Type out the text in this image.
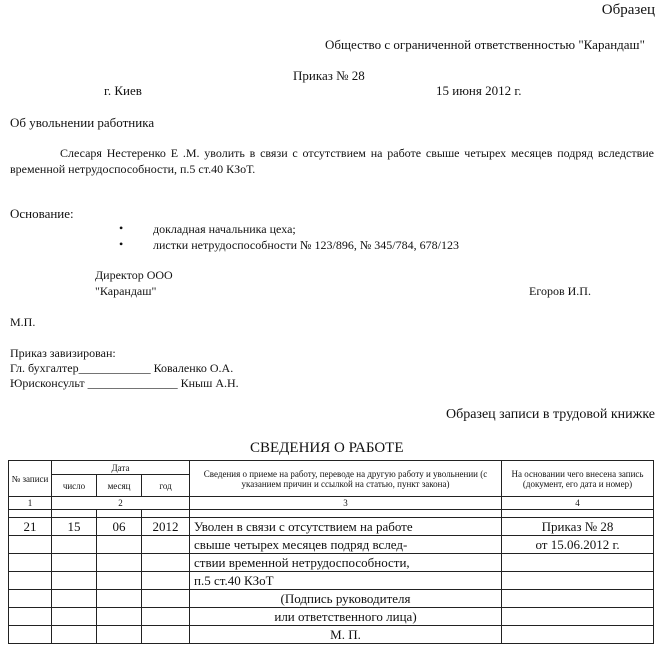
Образец
Общество с ограниченной ответственностью "Карандаш"
Приказ № 28
г. Киев	15 июня 2012 г.
Об увольнении работника
Слесаря Нестеренко Е .М. уволить в связи с отсутствием на работе свыше четырех месяцев подряд вследствие временной нетрудоспособности, п.5 ст.40 КЗоТ.
Основание:
• докладная начальника цеха;
• листки нетрудоспособности № 123/896, № 345/784, 678/123
Директор ООО
"Карандаш"	Егоров И.П.
М.П.
Приказ завизирован:
Гл. бухгалтер____________ Коваленко О.А.
Юрисконсульт _______________ Кныш А.Н.
Образец записи в трудовой книжке
СВЕДЕНИЯ О РАБОТЕ
№ записи	Дата			Сведения о приеме на работу, переводе на другую работу и увольнении (с указанием причин и ссылкой на статью, пункт закона)	На основании чего внесена запись (документ, его дата и номер)
	число	месяц	год		
1	2			3	4

21	15	06	2012	Уволен в связи с отсутствием на работе	Приказ № 28
				свыше четырех месяцев подряд вслед-	от 15.06.2012 г.
				ствии временной нетрудоспособности,	
				п.5 ст.40 КЗоТ	
				(Подпись руководителя	
				или ответственного лица)	
				М. П.	
